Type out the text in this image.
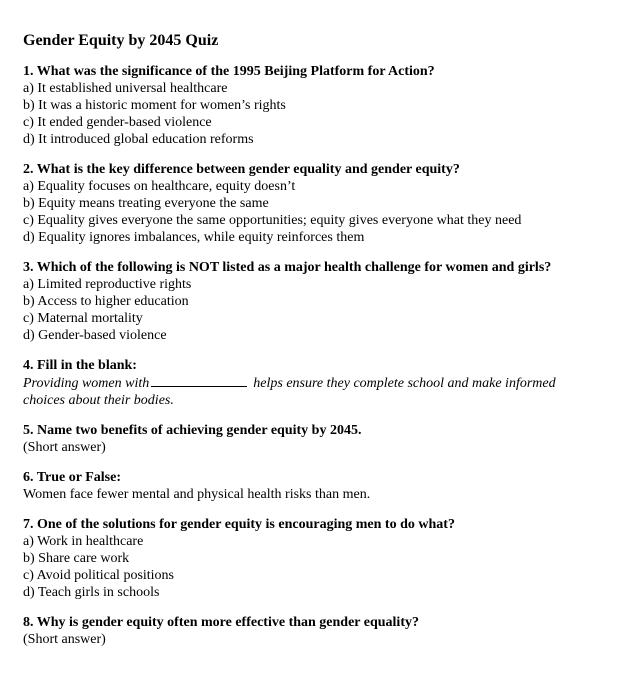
Gender Equity by 2045 Quiz
1. What was the significance of the 1995 Beijing Platform for Action?
a) It established universal healthcare
b) It was a historic moment for women’s rights
c) It ended gender-based violence
d) It introduced global education reforms
2. What is the key difference between gender equality and gender equity?
a) Equality focuses on healthcare, equity doesn’t
b) Equity means treating everyone the same
c) Equality gives everyone the same opportunities; equity gives everyone what they need
d) Equality ignores imbalances, while equity reinforces them
3. Which of the following is NOT listed as a major health challenge for women and girls?
a) Limited reproductive rights
b) Access to higher education
c) Maternal mortality
d) Gender-based violence
4. Fill in the blank:
Providing women with	helps ensure they complete school and make informed
choices about their bodies.
5. Name two benefits of achieving gender equity by 2045.
(Short answer)
6. True or False:
Women face fewer mental and physical health risks than men.
7. One of the solutions for gender equity is encouraging men to do what?
a) Work in healthcare
b) Share care work
c) Avoid political positions
d) Teach girls in schools
8. Why is gender equity often more effective than gender equality?
(Short answer)
